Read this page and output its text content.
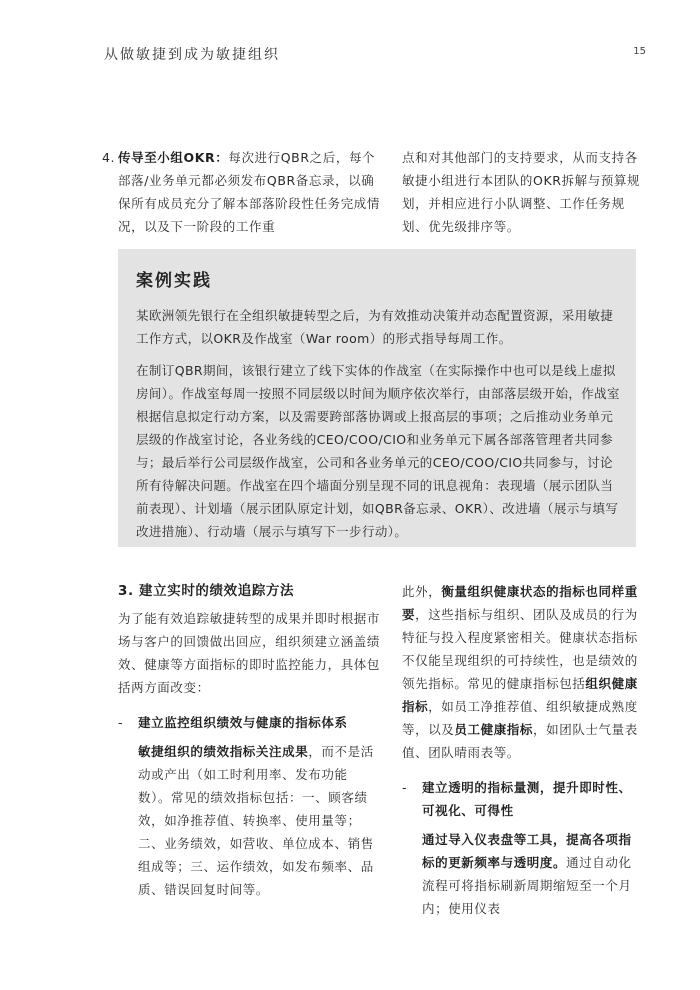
从做敏捷到成为敏捷组织	15
4. 传导至小组OKR：每次进行QBR之后，每个部落/业务单元都必须发布QBR备忘录，以确保所有成员充分了解本部落阶段性任务完成情况，以及下一阶段的工作重
点和对其他部门的支持要求，从而支持各敏捷小组进行本团队的OKR拆解与预算规划，并相应进行小队调整、工作任务规划、优先级排序等。
案例实践

某欧洲领先银行在全组织敏捷转型之后，为有效推动决策并动态配置资源，采用敏捷工作方式，以OKR及作战室（War room）的形式指导每周工作。

在制订QBR期间，该银行建立了线下实体的作战室（在实际操作中也可以是线上虚拟房间）。作战室每周一按照不同层级以时间为顺序依次举行，由部落层级开始，作战室根据信息拟定行动方案，以及需要跨部落协调或上报高层的事项；之后推动业务单元层级的作战室讨论，各业务线的CEO/COO/CIO和业务单元下属各部落管理者共同参与；最后举行公司层级作战室，公司和各业务单元的CEO/COO/CIO共同参与，讨论所有待解决问题。作战室在四个墙面分别呈现不同的讯息视角：表现墙（展示团队当前表现）、计划墙（展示团队原定计划，如QBR备忘录、OKR）、改进墙（展示与填写改进措施）、行动墙（展示与填写下一步行动）。

3. 建立实时的绩效追踪方法
为了能有效追踪敏捷转型的成果并即时根据市场与客户的回馈做出回应，组织须建立涵盖绩效、健康等方面指标的即时监控能力，具体包括两方面改变：
- 建立监控组织绩效与健康的指标体系
敏捷组织的绩效指标关注成果，而不是活动或产出（如工时利用率、发布功能数）。常见的绩效指标包括：一、顾客绩效，如净推荐值、转换率、使用量等；二、业务绩效，如营收、单位成本、销售组成等；三、运作绩效，如发布频率、品质、错误回复时间等。
此外，衡量组织健康状态的指标也同样重要，这些指标与组织、团队及成员的行为特征与投入程度紧密相关。健康状态指标不仅能呈现组织的可持续性，也是绩效的领先指标。常见的健康指标包括组织健康指标，如员工净推荐值、组织敏捷成熟度等，以及员工健康指标，如团队士气量表值、团队晴雨表等。
- 建立透明的指标量测，提升即时性、可视化、可得性
通过导入仪表盘等工具，提高各项指标的更新频率与透明度。通过自动化流程可将指标刷新周期缩短至一个月内；使用仪表
